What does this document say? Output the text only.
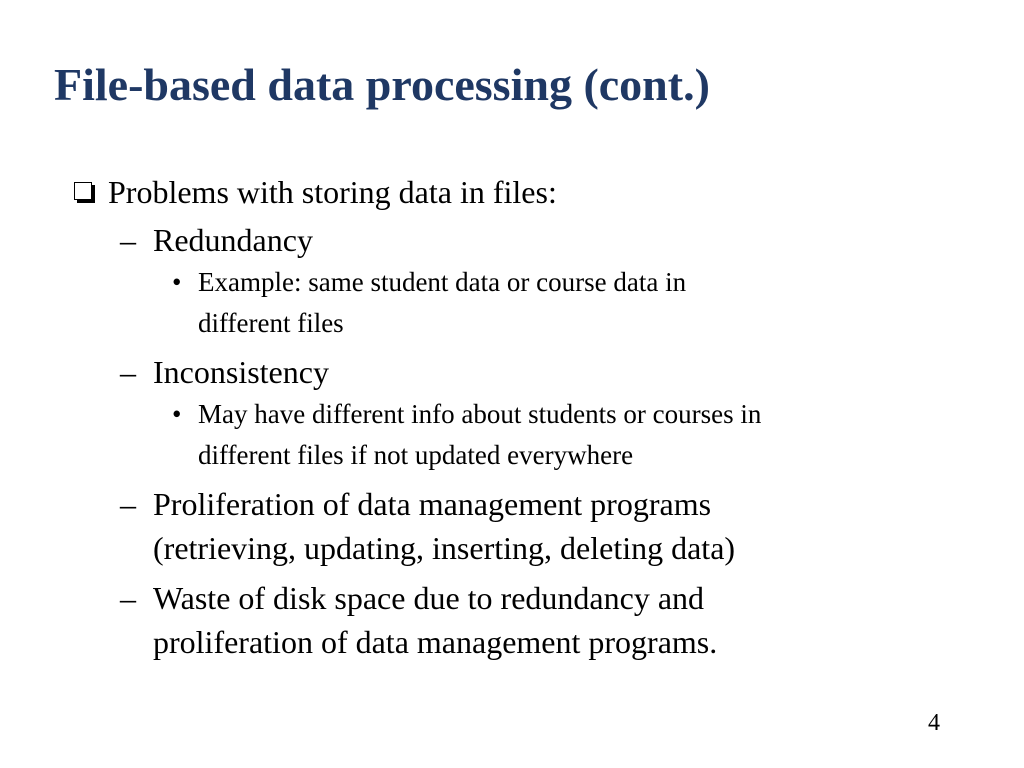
File-based data processing (cont.)

Problems with storing data in files:

– Redundancy

• Example: same student data or course data in
different files

– Inconsistency

• May have different info about students or courses in
different files if not updated everywhere

– Proliferation of data management programs
(retrieving, updating, inserting, deleting data)

– Waste of disk space due to redundancy and
proliferation of data management programs.

4
